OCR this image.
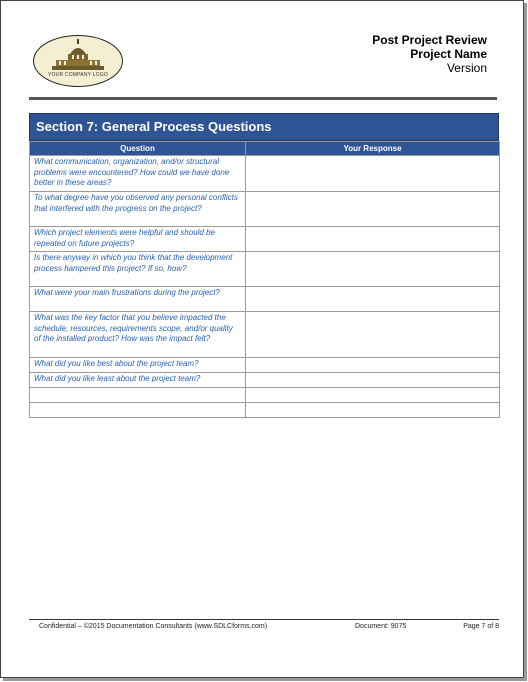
YOUR COMPANY LOGO
Post Project Review
Project Name
Version
Section 7: General Process Questions
Question	Your Response
What communication, organization, and/or structural problems were encountered? How could we have done better in these areas?	
To what degree have you observed any personal conflicts that interfered with the progress on the project?	
Which project elements were helpful and should be repeated on future projects?	
Is there anyway in which you think that the development process hampered this project? If so, how?	
What were your main frustrations during the project?	
What was the key factor that you believe impacted the schedule, resources, requirements scope, and/or quality of the installed product? How was the impact felt?	
What did you like best about the project team?	
What did you like least about the project team?	

Confidential – ©2015 Documentation Consultants (www.SDLCforms.com)	Document: 9075	Page 7 of 8
